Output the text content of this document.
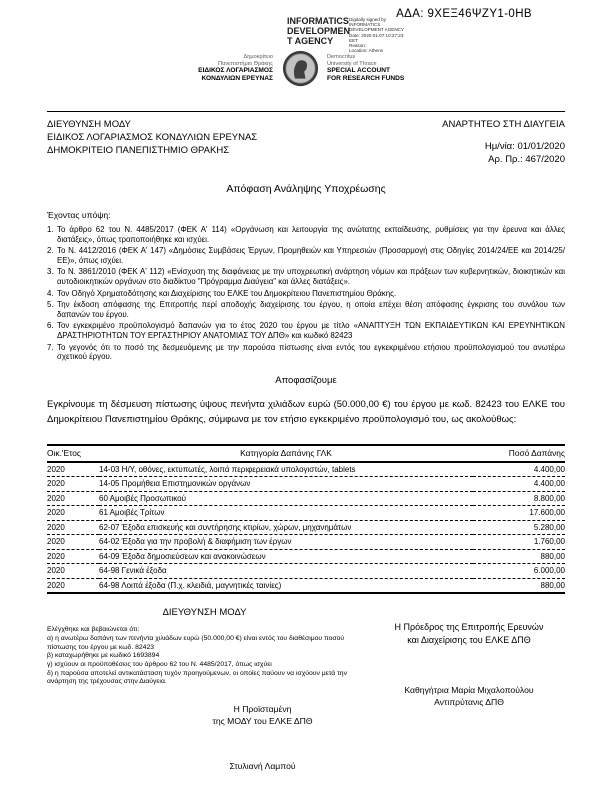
ΑΔΑ: 9ΧΕΞ46ΨΖΥ1-0ΗΒ
INFORMATICS
DEVELOPMEN
T AGENCY
Digitally signed by
INFORMATICS
DEVELOPMENT AGENCY
Date: 2020.01.07 10:27:23
EET
Reason:
Location: Athens
Δημοκρίτειο
Πανεπιστήμιο Θράκης
ΕΙΔΙΚΟΣ ΛΟΓΑΡΙΑΣΜΟΣ
ΚΟΝΔΥΛΙΩΝ ΕΡΕΥΝΑΣ
Democritus
University of Thrace
SPECIAL ACCOUNT
FOR RESEARCH FUNDS
ΔΙΕΥΘΥΝΣΗ ΜΟΔΥ
ΕΙΔΙΚΟΣ ΛΟΓΑΡΙΑΣΜΟΣ ΚΟΝΔΥΛΙΩΝ ΕΡΕΥΝΑΣ
ΔΗΜΟΚΡΙΤΕΙΟ ΠΑΝΕΠΙΣΤΗΜΙΟ ΘΡΑΚΗΣ
ΑΝΑΡΤΗΤΕΟ ΣΤΗ ΔΙΑΥΓΕΙΑ
Ημ/νία: 01/01/2020
Αρ. Πρ.: 467/2020
Απόφαση Ανάληψης Υποχρέωσης
Έχοντας υπόψη:
1. Το άρθρο 62 του Ν. 4485/2017 (ΦΕΚ Α' 114) «Οργάνωση και λειτουργία της ανώτατης εκπαίδευσης, ρυθμίσεις για την έρευνα και άλλες διατάξεις», όπως τροποποιήθηκε και ισχύει.
2. Το Ν. 4412/2016 (ΦΕΚ Α' 147) «Δημόσιες Συμβάσεις Έργων, Προμηθειών και Υπηρεσιών (Προσαρμογή στις Οδηγίες 2014/24/ΕΕ και 2014/25/ΕΕ)», όπως ισχύει.
3. Το Ν. 3861/2010 (ΦΕΚ Α' 112) «Ενίσχυση της διαφάνειας με την υποχρεωτική ανάρτηση νόμων και πράξεων των κυβερνητικών, διοικητικών και αυτοδιοικητικών οργάνων στο διαδίκτυο "Πρόγραμμα Διαύγεια" και άλλες διατάξεις».
4. Τον Οδηγό Χρηματοδότησης και Διαχείρισης του ΕΛΚΕ του Δημοκρίτειου Πανεπιστημίου Θράκης.
5. Την έκδοση απόφασης της Επιτροπής περί αποδοχής διαχείρισης του έργου, η οποία επέχει θέση απόφασης έγκρισης του συνόλου των δαπανών του έργου.
6. Τον εγκεκριμένο προϋπολογισμό δαπανών για το έτος 2020 του έργου με τίτλο «ΑΝΑΠΤΥΞΗ ΤΩΝ ΕΚΠΑΙΔΕΥΤΙΚΩΝ ΚΑΙ ΕΡΕΥΝΗΤΙΚΩΝ ΔΡΑΣΤΗΡΙΟΤΗΤΩΝ ΤΟΥ ΕΡΓΑΣΤΗΡΙΟΥ ΑΝΑΤΟΜΙΑΣ ΤΟΥ ΔΠΘ» και κωδικό 82423
7. Το γεγονός ότι το ποσό της δεσμευόμενης με την παρούσα πίστωσης είναι εντός του εγκεκριμένου ετήσιου προϋπολογισμού του ανωτέρω σχετικού έργου.
Αποφασίζουμε
Εγκρίνουμε τη δέσμευση πίστωσης ύψους πενήντα χιλιάδων ευρώ (50.000,00 €) του έργου με κωδ. 82423 του ΕΛΚΕ του Δημοκρίτειου Πανεπιστημίου Θράκης, σύμφωνα με τον ετήσιο εγκεκριμένο προϋπολογισμό του, ως ακολούθως:
Οικ.'Ετος	Κατηγορία Δαπάνης ΓΛΚ	Ποσό Δαπάνης
2020	14-03 Η/Υ, οθόνες, εκτυπωτές, λοιπά περιφερειακά υπολογιστών, tablets	4.400,00
2020	14-05 Προμήθεια Επιστημονικών οργάνων	4.400,00
2020	60 Αμοιβές Προσωπικού	8.800,00
2020	61 Αμοιβές Τρίτων	17.600,00
2020	62-07 Έξοδα επισκευής και συντήρησης κτιρίων, χώρων, μηχανημάτων	5.280,00
2020	64-02 Έξοδα για την προβολή & διαφήμιση των έργων	1.760,00
2020	64-09 Έξοδα δημοσιεύσεων και ανακοινώσεων	880,00
2020	64-98 Γενικά έξοδα	6.000,00
2020	64-98 Λοιπά έξοδα (Π.χ. κλειδιά, μαγνητικές ταινίες)	880,00
ΔΙΕΥΘΥΝΣΗ ΜΟΔΥ
Ελέγχθηκε και βεβαιώνεται ότι:
α) η ανωτέρω δαπάνη των πενήντα χιλιάδων ευρώ (50.000,00 €) είναι εντός του διαθέσιμου ποσού πίστωσης του έργου με κωδ. 82423
β) καταχωρήθηκε με κωδικό 1693894
γ) ισχύουν οι προϋποθέσεις του άρθρου 62 του Ν. 4485/2017, όπως ισχύει
δ) η παρούσα αποτελεί αντικατάσταση τυχόν προηγούμενων, οι οποίες παύουν να ισχύουν μετά την ανάρτηση της τρέχουσας στην Διαύγεια.
Η Πρόεδρος της Επιτροπής Ερευνών
και Διαχείρισης του ΕΛΚΕ ΔΠΘ
Καθηγήτρια Μαρία Μιχαλοπούλου
Αντιπρύτανις ΔΠΘ
Η Προϊσταμένη
της ΜΟΔΥ του ΕΛΚΕ ΔΠΘ
Στυλιανή Λαμπού
